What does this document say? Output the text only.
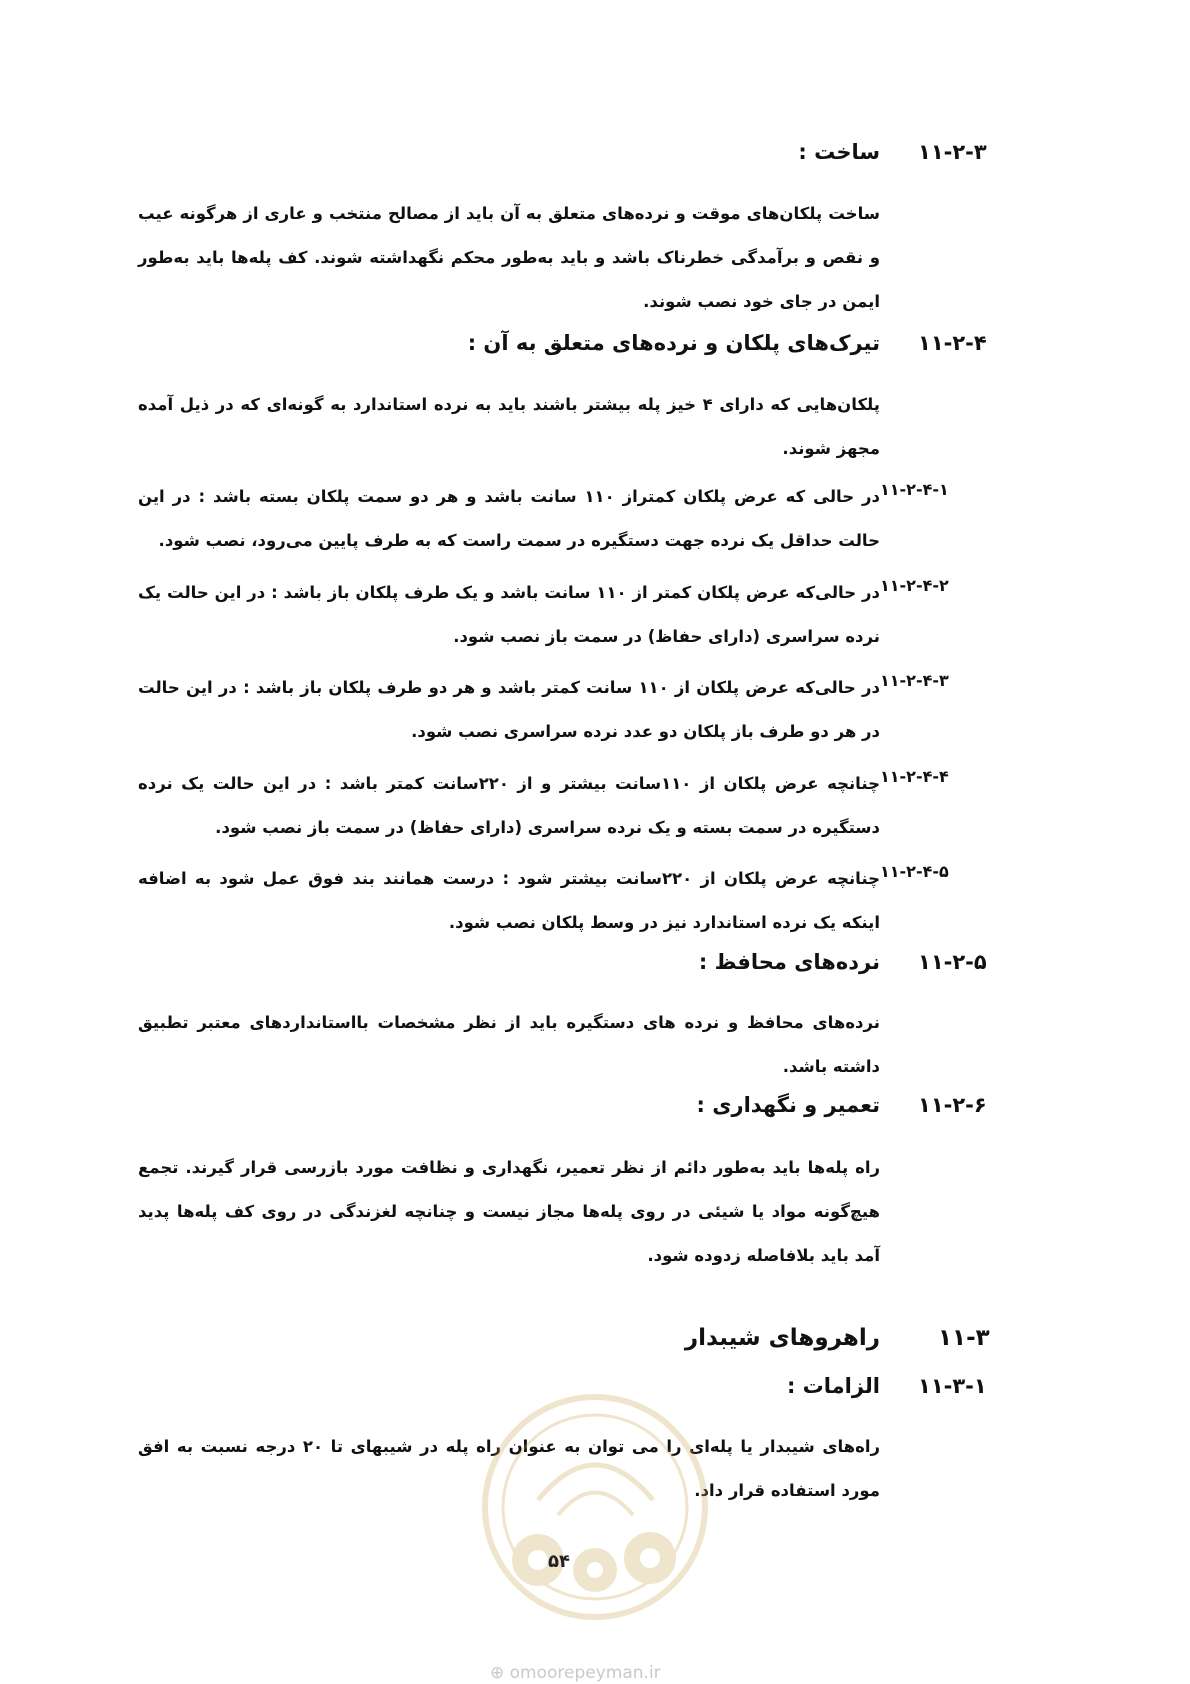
۱۱-۲-۳
ساخت :
ساخت پلکان‌های موقت و نرده‌های متعلق به آن باید از مصالح منتخب و عاری از هرگونه عیب و نقص و برآمدگی خطرناک باشد و باید به‌طور محکم نگهداشته شوند. کف پله‌ها باید به‌طور ایمن در جای خود نصب شوند.
۱۱-۲-۴
تیرک‌های پلکان و نرده‌های متعلق به آن :
پلکان‌هایی که دارای ۴ خیز پله بیشتر باشند باید به نرده استاندارد به گونه‌ای که در ذیل آمده مجهز شوند.
۱۱-۲-۴-۱
در حالی که عرض پلکان کمتراز ۱۱۰ سانت باشد و هر دو سمت پلکان بسته باشد : در این حالت حداقل یک نرده جهت دستگیره در سمت راست که به طرف پایین می‌رود، نصب شود.
۱۱-۲-۴-۲
در حالی‌که عرض پلکان کمتر از ۱۱۰ سانت باشد و یک طرف پلکان باز باشد : در این حالت یک نرده سراسری (دارای حفاظ) در سمت باز نصب شود.
۱۱-۲-۴-۳
در حالی‌که عرض پلکان از ۱۱۰ سانت کمتر باشد و هر دو طرف پلکان باز باشد : در این حالت در هر دو طرف باز پلکان دو عدد نرده سراسری نصب شود.
۱۱-۲-۴-۴
چنانچه عرض پلکان از ۱۱۰سانت بیشتر و از ۲۲۰سانت کمتر باشد : در این حالت یک نرده دستگیره در سمت بسته و یک نرده سراسری (دارای حفاظ) در سمت باز نصب شود.
۱۱-۲-۴-۵
چنانچه عرض پلکان از ۲۲۰سانت بیشتر شود : درست همانند بند فوق عمل شود به اضافه اینکه یک نرده استاندارد نیز در وسط پلکان نصب شود.
۱۱-۲-۵
نرده‌های محافظ :
نرده‌های محافظ و نرده های دستگیره باید از نظر مشخصات بااستانداردهای معتبر تطبیق داشته باشد.
۱۱-۲-۶
تعمیر و نگهداری :
راه پله‌ها باید به‌طور دائم از نظر تعمیر، نگهداری و نظافت مورد بازرسی قرار گیرند. تجمع هیچ‌گونه مواد یا شیئی در روی پله‌ها مجاز نیست و چنانچه لغزندگی در روی کف پله‌ها پدید آمد باید بلافاصله زدوده شود.
۱۱-۳
راهروهای شیبدار
۱۱-۳-۱
الزامات :
راه‌های شیبدار یا پله‌ای را می توان به عنوان راه پله در شیبهای تا ۲۰ درجه نسبت به افق مورد استفاده قرار داد.
۵۴
⊕ omoorepeyman.ir
